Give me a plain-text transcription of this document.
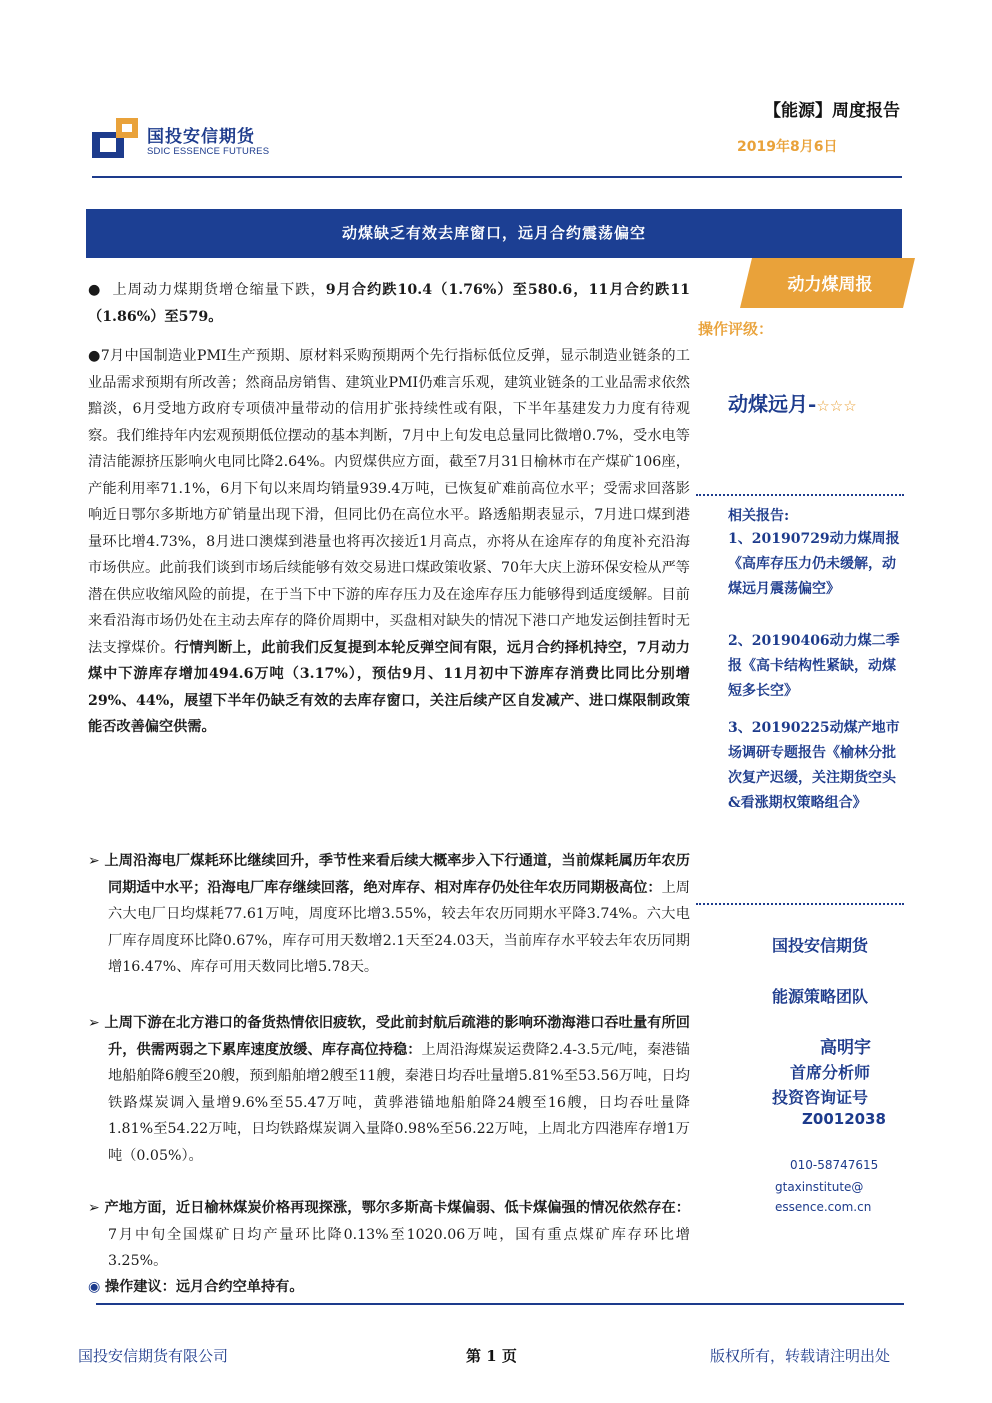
国投安信期货
SDIC ESSENCE FUTURES
【能源】周度报告
2019年8月6日
动煤缺乏有效去库窗口，远月合约震荡偏空
动力煤周报
操作评级：
动煤远月-☆☆☆
相关报告:
1、20190729动力煤周报《高库存压力仍未缓解，动煤远月震荡偏空》
2、20190406动力煤二季报《高卡结构性紧缺，动煤短多长空》
3、20190225动煤产地市场调研专题报告《榆林分批次复产迟缓，关注期货空头&看涨期权策略组合》
国投安信期货
能源策略团队
高明宇
首席分析师
投资咨询证号
Z0012038
010-58747615
gtaxinstitute@
essence.com.cn
● 上周动力煤期货增仓缩量下跌，9月合约跌10.4（1.76%）至580.6，11月合约跌11（1.86%）至579。
●7月中国制造业PMI生产预期、原材料采购预期两个先行指标低位反弹，显示制造业链条的工业品需求预期有所改善；然商品房销售、建筑业PMI仍难言乐观，建筑业链条的工业品需求依然黯淡，6月受地方政府专项债冲量带动的信用扩张持续性或有限，下半年基建发力力度有待观察。我们维持年内宏观预期低位摆动的基本判断，7月中上旬发电总量同比微增0.7%，受水电等清洁能源挤压影响火电同比降2.64%。内贸煤供应方面，截至7月31日榆林市在产煤矿106座，产能利用率71.1%，6月下旬以来周均销量939.4万吨，已恢复矿难前高位水平；受需求回落影响近日鄂尔多斯地方矿销量出现下滑，但同比仍在高位水平。路透船期表显示，7月进口煤到港量环比增4.73%，8月进口澳煤到港量也将再次接近1月高点，亦将从在途库存的角度补充沿海市场供应。此前我们谈到市场后续能够有效交易进口煤政策收紧、70年大庆上游环保安检从严等潜在供应收缩风险的前提，在于当下中下游的库存压力及在途库存压力能够得到适度缓解。目前来看沿海市场仍处在主动去库存的降价周期中，买盘相对缺失的情况下港口产地发运倒挂暂时无法支撑煤价。行情判断上，此前我们反复提到本轮反弹空间有限，远月合约择机持空，7月动力煤中下游库存增加494.6万吨（3.17%），预估9月、11月初中下游库存消费比同比分别增29%、44%，展望下半年仍缺乏有效的去库存窗口，关注后续产区自发减产、进口煤限制政策能否改善偏空供需。
➢ 上周沿海电厂煤耗环比继续回升，季节性来看后续大概率步入下行通道，当前煤耗属历年农历同期适中水平；沿海电厂库存继续回落，绝对库存、相对库存仍处往年农历同期极高位：上周六大电厂日均煤耗77.61万吨，周度环比增3.55%，较去年农历同期水平降3.74%。六大电厂库存周度环比降0.67%，库存可用天数增2.1天至24.03天，当前库存水平较去年农历同期增16.47%、库存可用天数同比增5.78天。
➢ 上周下游在北方港口的备货热情依旧疲软，受此前封航后疏港的影响环渤海港口吞吐量有所回升，供需两弱之下累库速度放缓、库存高位持稳：上周沿海煤炭运费降2.4-3.5元/吨，秦港锚地船舶降6艘至20艘，预到船舶增2艘至11艘，秦港日均吞吐量增5.81%至53.56万吨，日均铁路煤炭调入量增9.6%至55.47万吨，黄骅港锚地船舶降24艘至16艘，日均吞吐量降1.81%至54.22万吨，日均铁路煤炭调入量降0.98%至56.22万吨，上周北方四港库存增1万吨（0.05%）。
➢ 产地方面，近日榆林煤炭价格再现探涨，鄂尔多斯高卡煤偏弱、低卡煤偏强的情况依然存在：7月中旬全国煤矿日均产量环比降0.13%至1020.06万吨，国有重点煤矿库存环比增3.25%。
◉ 操作建议：远月合约空单持有。
国投安信期货有限公司	第 1 页	版权所有，转载请注明出处
